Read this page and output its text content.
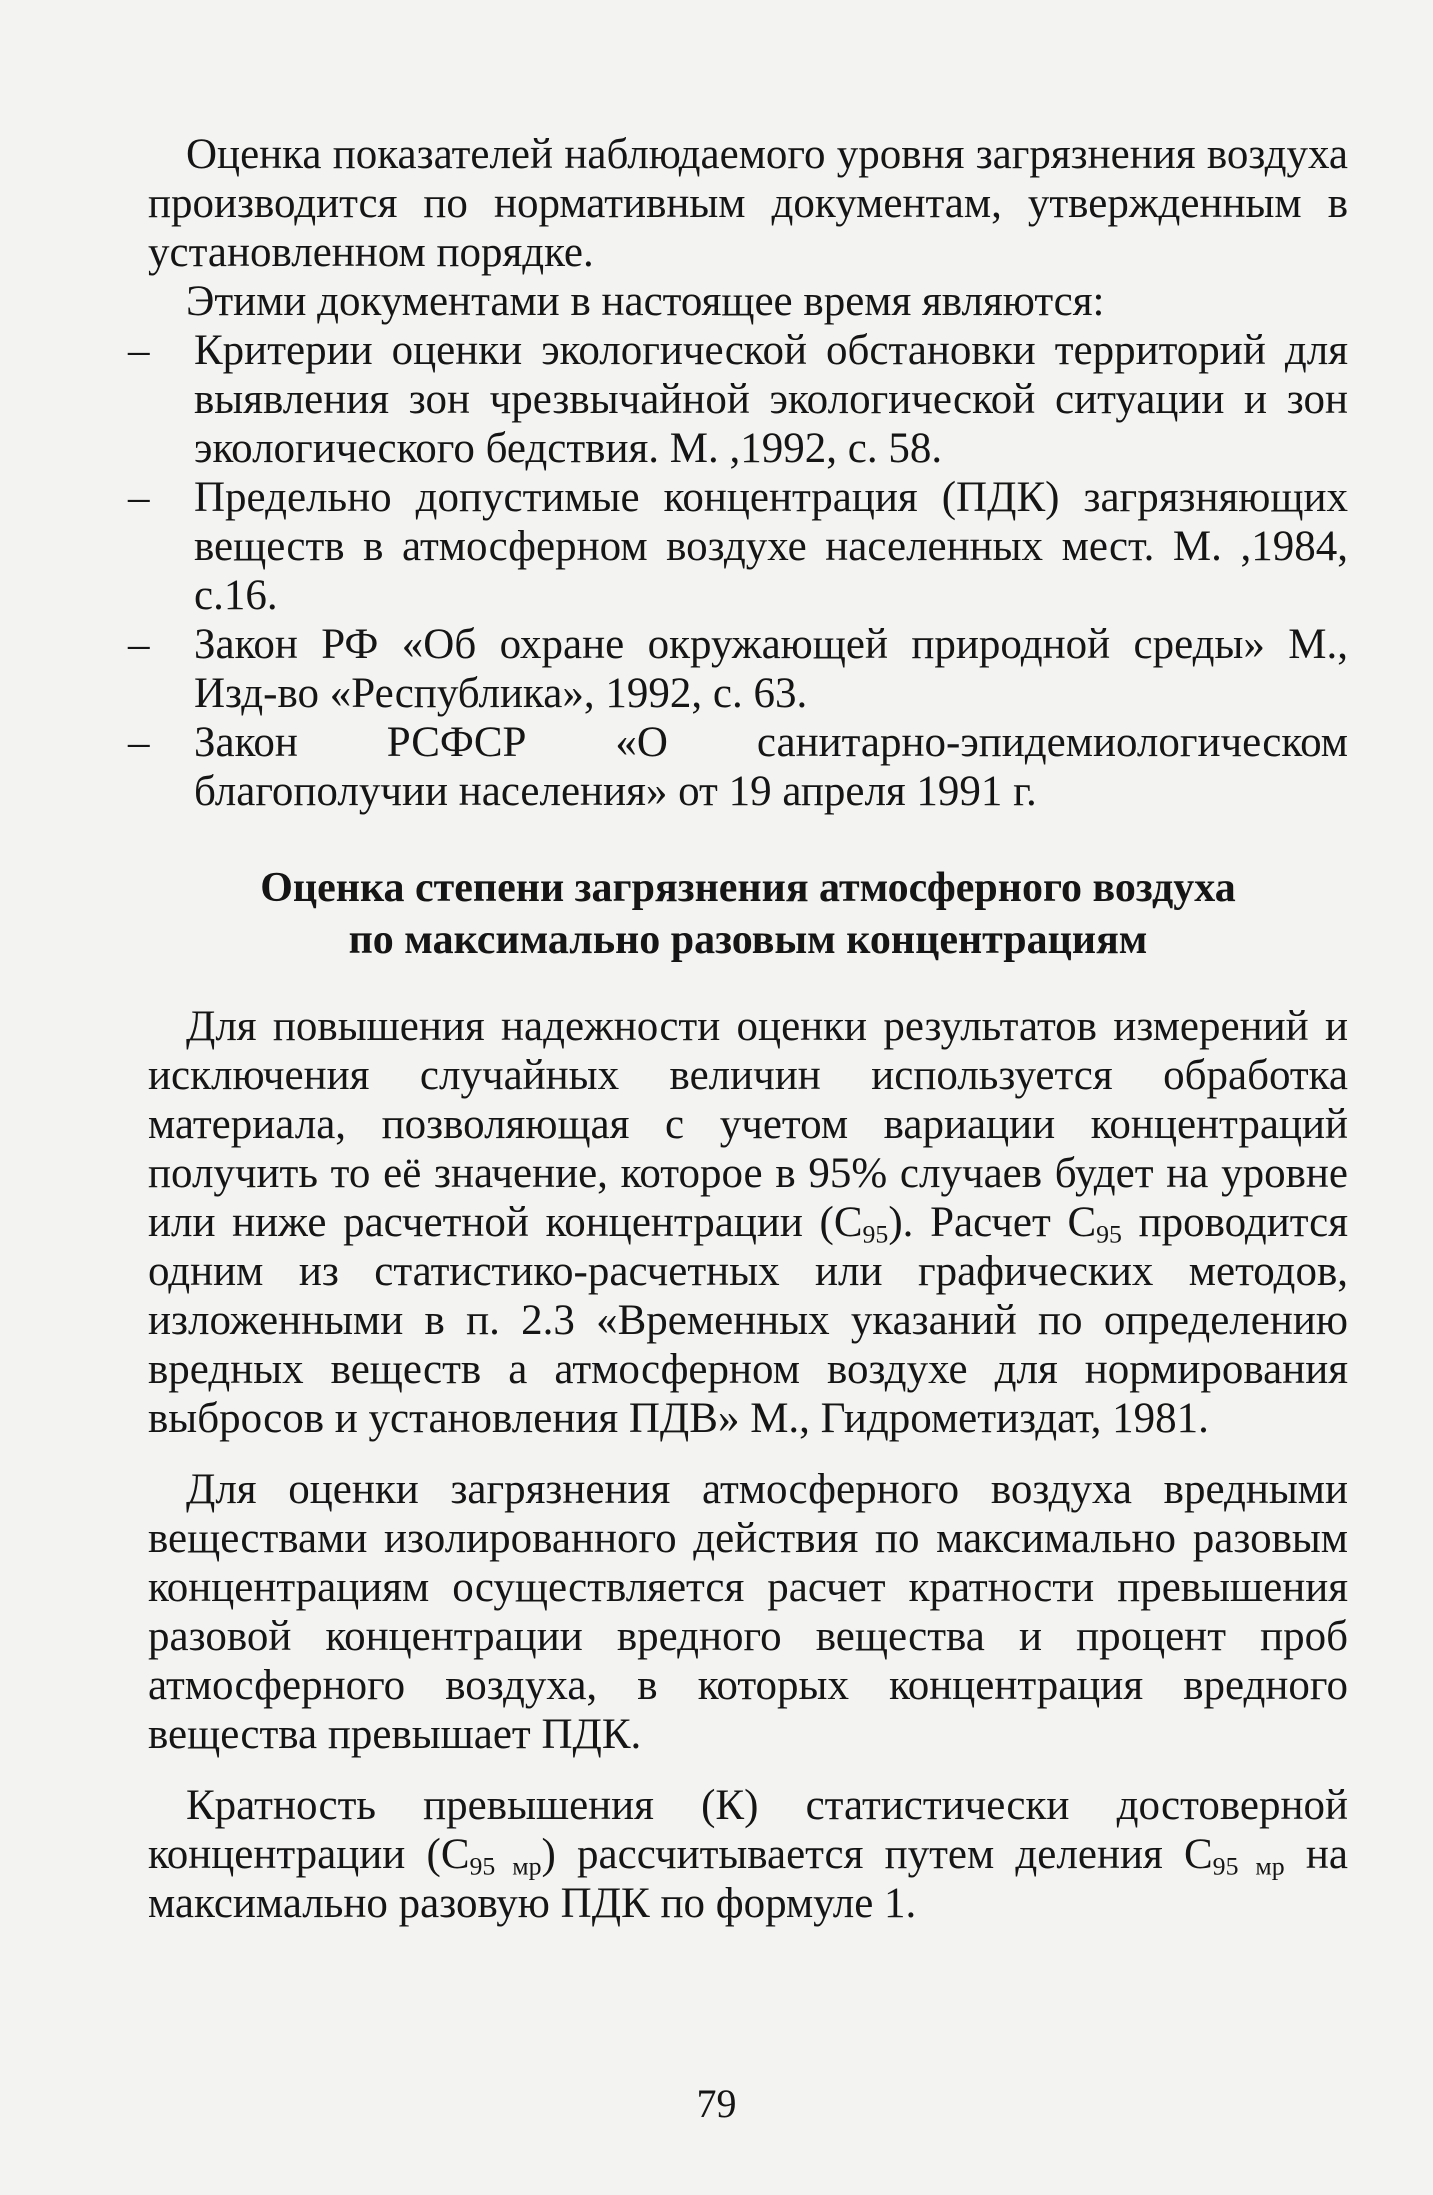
Оценка показателей наблюдаемого уровня загрязнения воздуха производится по нормативным документам, утвержденным в установленном порядке.

Этими документами в настоящее время являются:

– Критерии оценки экологической обстановки территорий для выявления зон чрезвычайной экологической ситуации и зон экологического бедствия. М. ,1992, с. 58.
– Предельно допустимые концентрация (ПДК) загрязняющих веществ в атмосферном воздухе населенных мест. М. ,1984, с.16.
– Закон РФ «Об охране окружающей природной среды» М., Изд-во «Республика», 1992, с. 63.
– Закон РСФСР «О санитарно-эпидемиологическом благополучии населения» от 19 апреля 1991 г.
Оценка степени загрязнения атмосферного воздуха
по максимально разовым концентрациям

Для повышения надежности оценки результатов измерений и исключения случайных величин используется обработка материала, позволяющая с учетом вариации концентраций получить то её значение, которое в 95% случаев будет на уровне или ниже расчетной концентрации $(С_{95})$. Расчет $С_{95}$ проводится одним из статистико-расчетных или графических методов, изложенными в п. 2.3 «Временных указаний по определению вредных веществ а атмосферном воздухе для нормирования выбросов и установления ПДВ» М., Гидрометиздат, 1981.

Для оценки загрязнения атмосферного воздуха вредными веществами изолированного действия по максимально разовым концентрациям осуществляется расчет кратности превышения разовой концентрации вредного вещества и процент проб атмосферного воздуха, в которых концентрация вредного вещества превышает ПДК.

Кратность превышения (К) статистически достоверной концентрации $(С_{95 мр})$ рассчитывается путем деления $С_{95 мр}$ на максимально разовую ПДК по формуле 1.

79
